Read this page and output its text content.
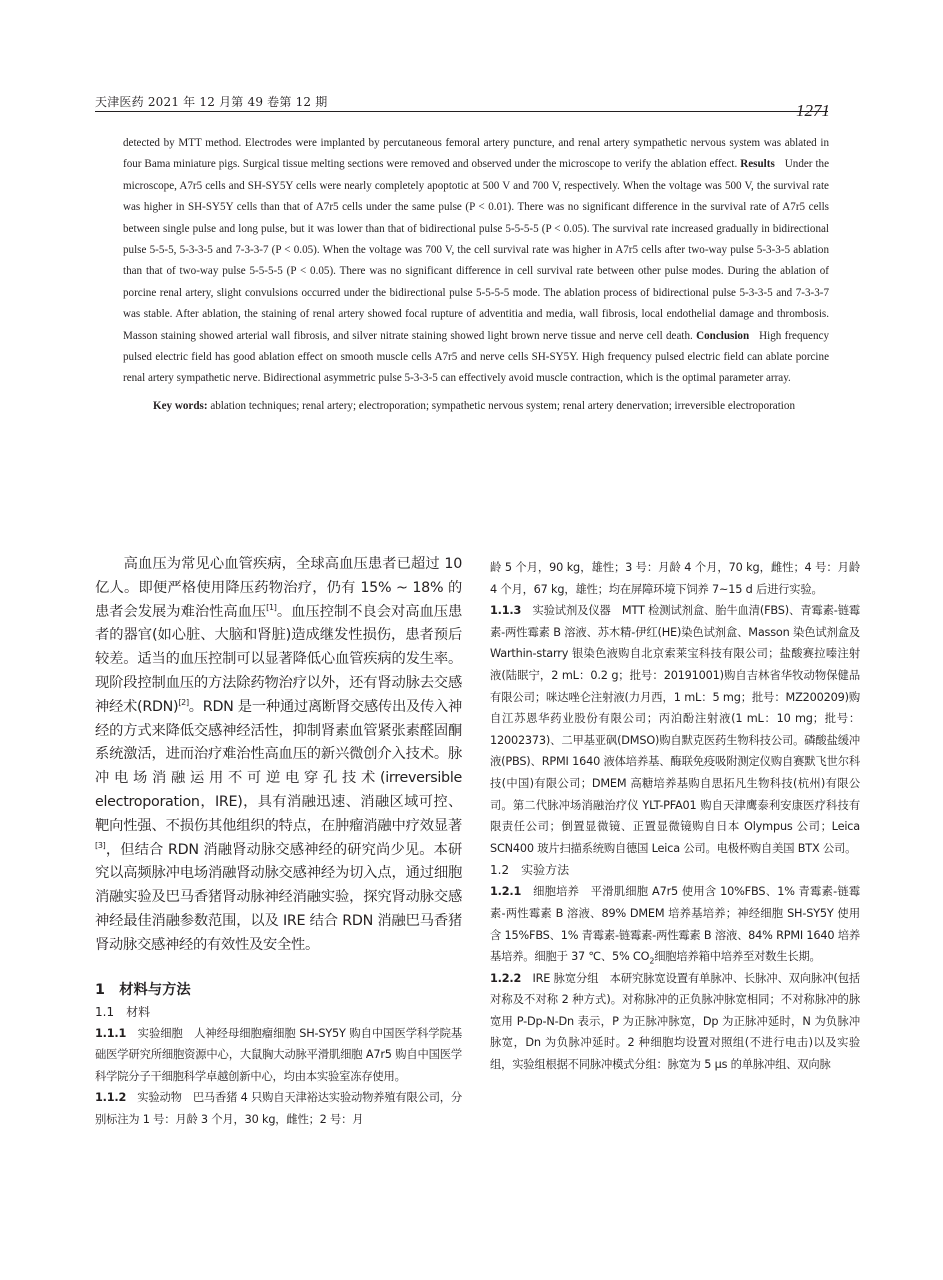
天津医药 2021 年 12 月第 49 卷第 12 期	1271

detected by MTT method. Electrodes were implanted by percutaneous femoral artery puncture, and renal artery sympathetic nervous system was ablated in four Bama miniature pigs. Surgical tissue melting sections were removed and observed under the microscope to verify the ablation effect. Results Under the microscope, A7r5 cells and SH-SY5Y cells were nearly completely apoptotic at 500 V and 700 V, respectively. When the voltage was 500 V, the survival rate was higher in SH-SY5Y cells than that of A7r5 cells under the same pulse (P < 0.01). There was no significant difference in the survival rate of A7r5 cells between single pulse and long pulse, but it was lower than that of bidirectional pulse 5-5-5-5 (P < 0.05). The survival rate increased gradually in bidirectional pulse 5-5-5, 5-3-3-5 and 7-3-3-7 (P < 0.05). When the voltage was 700 V, the cell survival rate was higher in A7r5 cells after two-way pulse 5-3-3-5 ablation than that of two-way pulse 5-5-5-5 (P < 0.05). There was no significant difference in cell survival rate between other pulse modes. During the ablation of porcine renal artery, slight convulsions occurred under the bidirectional pulse 5-5-5-5 mode. The ablation process of bidirectional pulse 5-3-3-5 and 7-3-3-7 was stable. After ablation, the staining of renal artery showed focal rupture of adventitia and media, wall fibrosis, local endothelial damage and thrombosis. Masson staining showed arterial wall fibrosis, and silver nitrate staining showed light brown nerve tissue and nerve cell death. Conclusion High frequency pulsed electric field has good ablation effect on smooth muscle cells A7r5 and nerve cells SH-SY5Y. High frequency pulsed electric field can ablate porcine renal artery sympathetic nerve. Bidirectional asymmetric pulse 5-3-3-5 can effectively avoid muscle contraction, which is the optimal parameter array.

Key words: ablation techniques; renal artery; electroporation; sympathetic nervous system; renal artery denervation; irreversible electroporation

高血压为常见心血管疾病，全球高血压患者已超过 10 亿人。即便严格使用降压药物治疗，仍有 15% ~ 18% 的患者会发展为难治性高血压[1]。血压控制不良会对高血压患者的器官(如心脏、大脑和肾脏)造成继发性损伤，患者预后较差。适当的血压控制可以显著降低心血管疾病的发生率。现阶段控制血压的方法除药物治疗以外，还有肾动脉去交感神经术(RDN)[2]。RDN 是一种通过离断肾交感传出及传入神经的方式来降低交感神经活性，抑制肾素血管紧张素醛固酮系统激活，进而治疗难治性高血压的新兴微创介入技术。脉冲电场消融运用不可逆电穿孔技术(irreversible electroporation，IRE)，具有消融迅速、消融区域可控、靶向性强、不损伤其他组织的特点，在肿瘤消融中疗效显著[3]，但结合 RDN 消融肾动脉交感神经的研究尚少见。本研究以高频脉冲电场消融肾动脉交感神经为切入点，通过细胞消融实验及巴马香猪肾动脉神经消融实验，探究肾动脉交感神经最佳消融参数范围，以及 IRE 结合 RDN 消融巴马香猪肾动脉交感神经的有效性及安全性。

1　材料与方法
1.1　材料

1.1.1　 实验细胞　 人神经母细胞瘤细胞 SH-SY5Y 购自中国医学科学院基础医学研究所细胞资源中心，大鼠胸大动脉平滑肌细胞 A7r5 购自中国医学科学院分子干细胞科学卓越创新中心，均由本实验室冻存使用。

1.1.2　 实验动物　 巴马香猪 4 只购自天津裕达实验动物养殖有限公司，分别标注为 1 号：月龄 3 个月，30 kg，雌性；2 号：月

龄 5 个月，90 kg，雄性；3 号：月龄 4 个月，70 kg，雌性；4 号：月龄 4 个月，67 kg，雄性；均在屏障环境下饲养 7~15 d 后进行实验。

1.1.3　 实验试剂及仪器　 MTT 检测试剂盒、胎牛血清(FBS)、青霉素-链霉素-两性霉素 B 溶液、苏木精-伊红(HE)染色试剂盒、Masson 染色试剂盒及 Warthin-starry 银染色液购自北京索莱宝科技有限公司；盐酸赛拉嗪注射液(陆眠宁，2 mL：0.2 g；批号：20191001)购自吉林省华牧动物保健品有限公司；咪达唑仑注射液(力月西，1 mL：5 mg；批号：MZ200209)购自江苏恩华药业股份有限公司；丙泊酚注射液(1 mL：10 mg；批号：12002373)、二甲基亚砜(DMSO)购自默克医药生物科技公司。磷酸盐缓冲液(PBS)、RPMI 1640 液体培养基、酶联免疫吸附测定仪购自赛默飞世尔科技(中国)有限公司；DMEM 高糖培养基购自思拓凡生物科技(杭州)有限公司。第二代脉冲场消融治疗仪 YLT-PFA01 购自天津鹰泰利安康医疗科技有限责任公司；倒置显微镜、正置显微镜购自日本 Olympus 公司；Leica SCN400 玻片扫描系统购自德国 Leica 公司。电极杯购自美国 BTX 公司。

1.2　实验方法

1.2.1　 细胞培养　 平滑肌细胞 A7r5 使用含 10%FBS、1% 青霉素-链霉素-两性霉素 B 溶液、89% DMEM 培养基培养；神经细胞 SH-SY5Y 使用含 15%FBS、1% 青霉素-链霉素-两性霉素 B 溶液、84% RPMI 1640 培养基培养。细胞于 37 ℃、5% $CO_2$细胞培养箱中培养至对数生长期。

1.2.2　 IRE 脉宽分组　 本研究脉宽设置有单脉冲、长脉冲、双向脉冲(包括对称及不对称 2 种方式)。对称脉冲的正负脉冲脉宽相同；不对称脉冲的脉宽用 P-Dp-N-Dn 表示，P 为正脉冲脉宽，Dp 为正脉冲延时，N 为负脉冲脉宽，Dn 为负脉冲延时。2 种细胞均设置对照组(不进行电击)以及实验组，实验组根据不同脉冲模式分组：脉宽为 5 μs 的单脉冲组、双向脉
